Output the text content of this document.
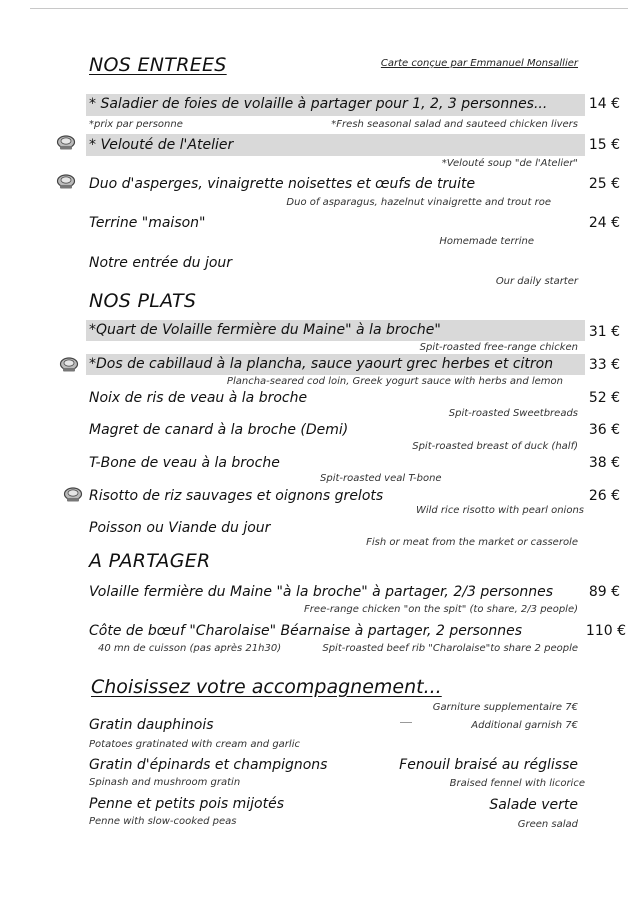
NOS ENTREES	Carte conçue par Emmanuel Monsallier
* Saladier de foies de volaille à partager pour 1, 2, 3 personnes...	14 €
*prix par personne	*Fresh seasonal salad and sauteed chicken livers
* Velouté de l'Atelier	15 €
*Velouté soup "de l'Atelier"
Duo d'asperges, vinaigrette noisettes et œufs de truite	25 €
Duo of asparagus, hazelnut vinaigrette and trout roe
Terrine "maison"	24 €
Homemade terrine
Notre entrée du jour
Our daily starter
NOS PLATS
*Quart de Volaille fermière du Maine" à la broche"	31 €
Spit-roasted free-range chicken
*Dos de cabillaud à la plancha, sauce yaourt grec herbes et citron	33 €
Plancha-seared cod loin, Greek yogurt sauce with herbs and lemon
Noix de ris de veau à la broche	52 €
Spit-roasted Sweetbreads
Magret de canard à la broche (Demi)	36 €
Spit-roasted breast of duck (half)
T-Bone de veau à la broche	38 €
Spit-roasted veal T-bone
Risotto de riz sauvages et oignons grelots	26 €
Wild rice risotto with pearl onions
Poisson ou Viande du jour
Fish or meat from the market or casserole
A PARTAGER
Volaille fermière du Maine "à la broche" à partager, 2/3 personnes	89 €
Free-range chicken "on the spit" (to share, 2/3 people)
Côte de bœuf "Charolaise" Béarnaise à partager, 2 personnes	110 €
40 mn de cuisson (pas après 21h30)	Spit-roasted beef rib "Charolaise"to share 2 people
Choisissez votre accompagnement...
Garniture supplementaire 7€
Additional garnish 7€
Gratin dauphinois
Potatoes gratinated with cream and garlic
Gratin d'épinards et champignons
Spinash and mushroom gratin
Penne et petits pois mijotés
Penne with slow-cooked peas
Fenouil braisé au réglisse
Braised fennel with licorice
Salade verte
Green salad
